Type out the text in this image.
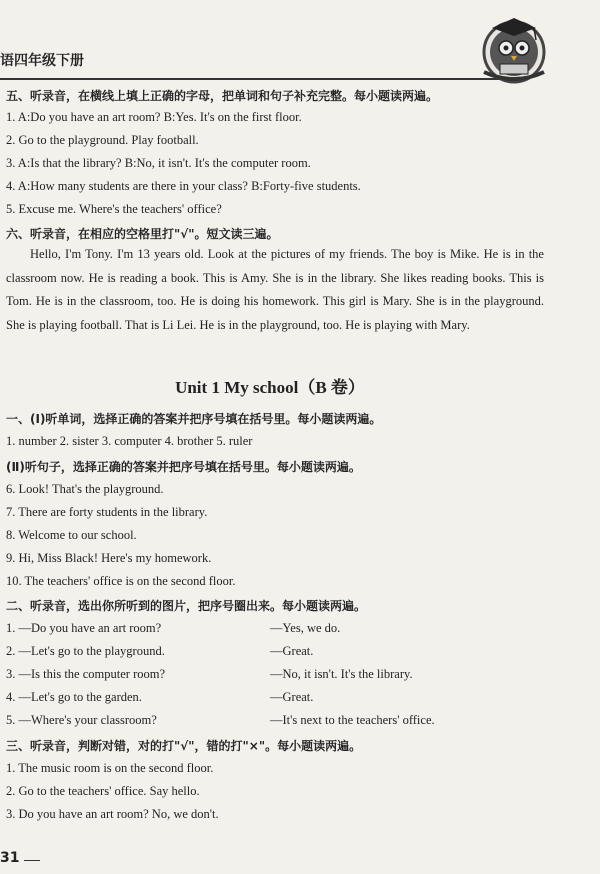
语四年级下册
五、听录音，在横线上填上正确的字母，把单词和句子补充完整。每小题读两遍。
1. A:Do you have an art room? B:Yes. It's on the first floor.
2. Go to the playground. Play football.
3. A:Is that the library? B:No, it isn't. It's the computer room.
4. A:How many students are there in your class? B:Forty-five students.
5. Excuse me. Where's the teachers' office?
六、听录音，在相应的空格里打"√"。短文读三遍。
Hello, I'm Tony. I'm 13 years old. Look at the pictures of my friends. The boy is Mike. He is in the classroom now. He is reading a book. This is Amy. She is in the library. She likes reading books. This is Tom. He is in the classroom, too. He is doing his homework. This girl is Mary. She is in the playground. She is playing football. That is Li Lei. He is in the playground, too. He is playing with Mary.
Unit 1 My school（B 卷）
一、(Ⅰ)听单词，选择正确的答案并把序号填在括号里。每小题读两遍。
1. number 2. sister 3. computer 4. brother 5. ruler
(Ⅱ)听句子，选择正确的答案并把序号填在括号里。每小题读两遍。
6. Look! That's the playground.
7. There are forty students in the library.
8. Welcome to our school.
9. Hi, Miss Black! Here's my homework.
10. The teachers' office is on the second floor.
二、听录音，选出你所听到的图片，把序号圈出来。每小题读两遍。
1. —Do you have an art room?	—Yes, we do.
2. —Let's go to the playground.	—Great.
3. —Is this the computer room?	—No, it isn't. It's the library.
4. —Let's go to the garden.	—Great.
5. —Where's your classroom?	—It's next to the teachers' office.
三、听录音，判断对错，对的打"√"，错的打"×"。每小题读两遍。
1. The music room is on the second floor.
2. Go to the teachers' office. Say hello.
3. Do you have an art room? No, we don't.
31
